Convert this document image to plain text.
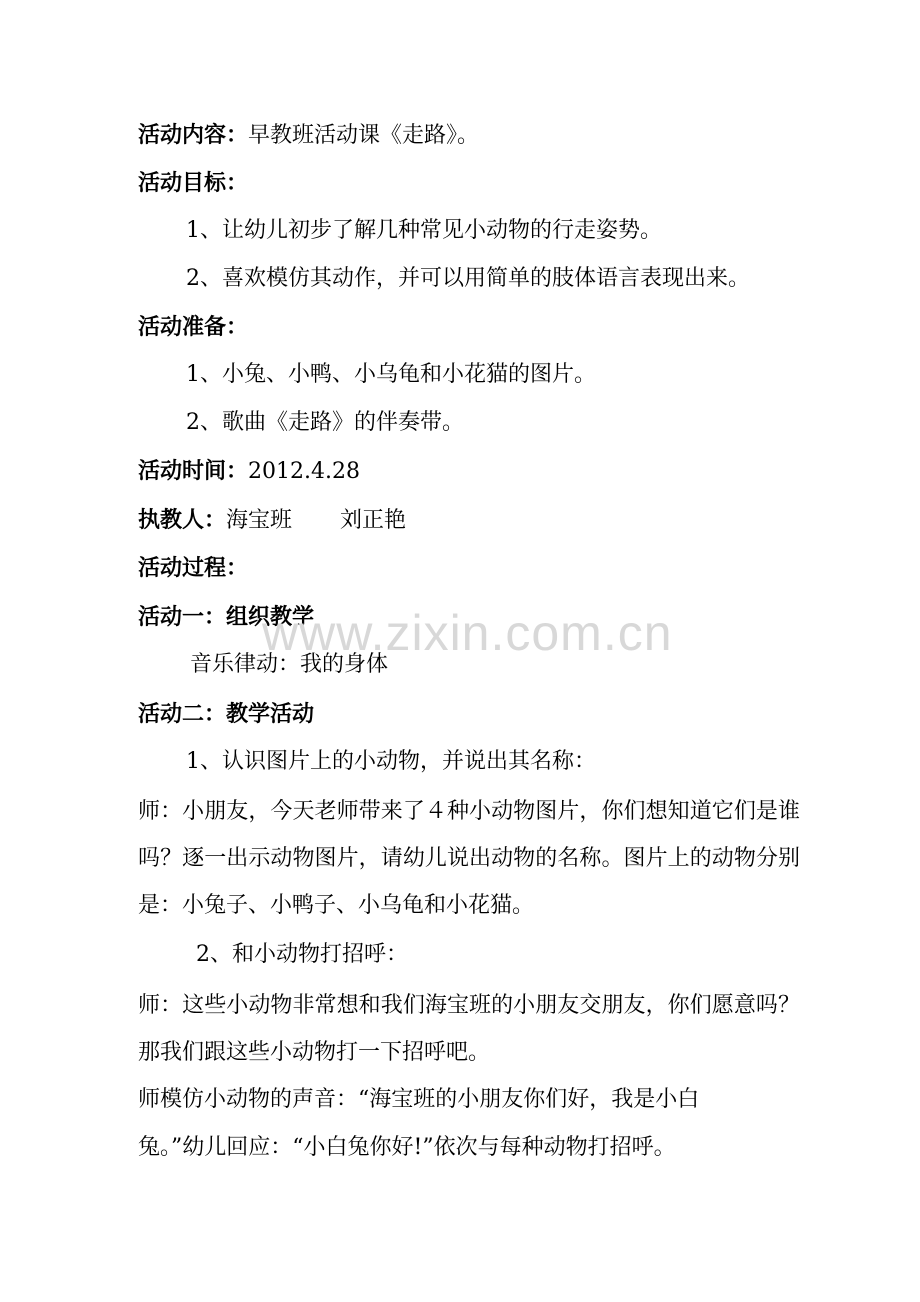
活动内容：早教班活动课《走路》。
活动目标：
1、让幼儿初步了解几种常见小动物的行走姿势。
2、喜欢模仿其动作，并可以用简单的肢体语言表现出来。
活动准备：
1、小兔、小鸭、小乌龟和小花猫的图片。
2、歌曲《走路》的伴奏带。
活动时间：2012.4.28
执教人：海宝班 刘正艳
活动过程：
活动一：组织教学
音乐律动：我的身体
活动二：教学活动
1、认识图片上的小动物，并说出其名称：
师：小朋友，今天老师带来了４种小动物图片，你们想知道它们是谁吗？逐一出示动物图片，请幼儿说出动物的名称。图片上的动物分别是：小兔子、小鸭子、小乌龟和小花猫。
2、和小动物打招呼：
师：这些小动物非常想和我们海宝班的小朋友交朋友，你们愿意吗？那我们跟这些小动物打一下招呼吧。
师模仿小动物的声音：“海宝班的小朋友你们好，我是小白
兔。”幼儿回应：“小白兔你好!”依次与每种动物打招呼。
www.zixin.com.cn
